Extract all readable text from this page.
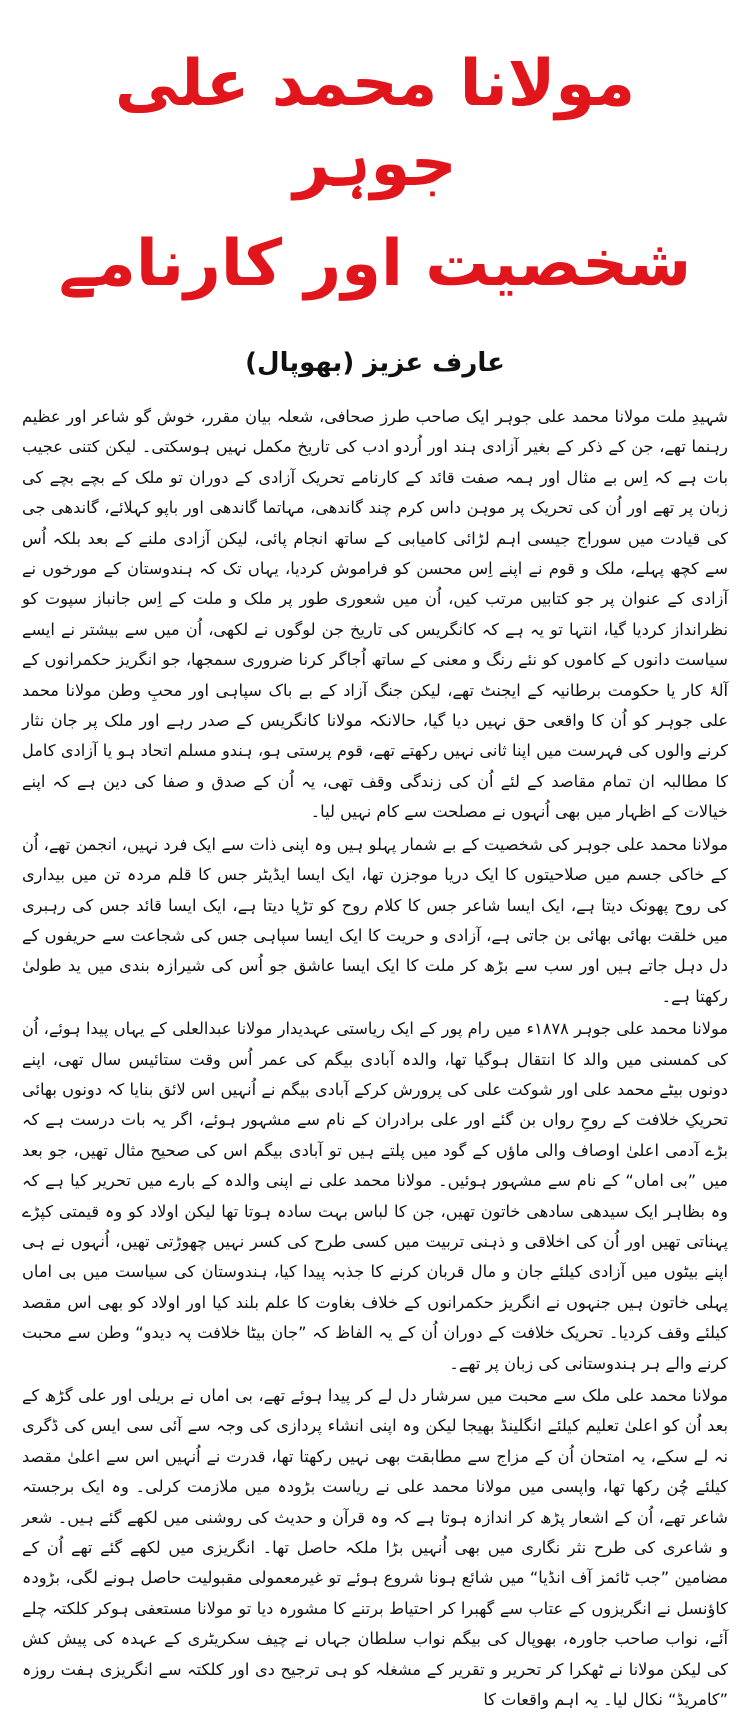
مولانا محمد علی جوہر
شخصیت اور کارنامے
عارف عزیز (بھوپال)

شہیدِ ملت مولانا محمد علی جوہر ایک صاحب طرز صحافی، شعلہ بیان مقرر، خوش گو شاعر اور عظیم رہنما تھے، جن کے ذکر کے بغیر آزادی ہند اور اُردو ادب کی تاریخ مکمل نہیں ہوسکتی۔ لیکن کتنی عجیب بات ہے کہ اِس بے مثال اور ہمہ صفت قائد کے کارنامے تحریک آزادی کے دوران تو ملک کے بچے بچے کی زبان پر تھے اور اُن کی تحریک پر موہن داس کرم چند گاندھی، مہاتما گاندھی اور باپو کہلائے، گاندھی جی کی قیادت میں سوراج جیسی اہم لڑائی کامیابی کے ساتھ انجام پائی، لیکن آزادی ملنے کے بعد بلکہ اُس سے کچھ پہلے، ملک و قوم نے اپنے اِس محسن کو فراموش کردیا، یہاں تک کہ ہندوستان کے مورخوں نے آزادی کے عنوان پر جو کتابیں مرتب کیں، اُن میں شعوری طور پر ملک و ملت کے اِس جانباز سپوت کو نظرانداز کردیا گیا، انتہا تو یہ ہے کہ کانگریس کی تاریخ جن لوگوں نے لکھی، اُن میں سے بیشتر نے ایسے سیاست دانوں کے کاموں کو نئے رنگ و معنی کے ساتھ اُجاگر کرنا ضروری سمجھا، جو انگریز حکمرانوں کے آلۂ کار یا حکومت برطانیہ کے ایجنٹ تھے، لیکن جنگ آزاد کے بے باک سپاہی اور محبِ وطن مولانا محمد علی جوہر کو اُن کا واقعی حق نہیں دیا گیا، حالانکہ مولانا کانگریس کے صدر رہے اور ملک پر جان نثار کرنے والوں کی فہرست میں اپنا ثانی نہیں رکھتے تھے، قوم پرستی ہو، ہندو مسلم اتحاد ہو یا آزادی کامل کا مطالبہ ان تمام مقاصد کے لئے اُن کی زندگی وقف تھی، یہ اُن کے صدق و صفا کی دین ہے کہ اپنے خیالات کے اظہار میں بھی اُنہوں نے مصلحت سے کام نہیں لیا۔

مولانا محمد علی جوہر کی شخصیت کے بے شمار پہلو ہیں وہ اپنی ذات سے ایک فرد نہیں، انجمن تھے، اُن کے خاکی جسم میں صلاحیتوں کا ایک دریا موجزن تھا، ایک ایسا ایڈیٹر جس کا قلم مردہ تن میں بیداری کی روح پھونک دیتا ہے، ایک ایسا شاعر جس کا کلام روح کو تڑپا دیتا ہے، ایک ایسا قائد جس کی رہبری میں خلقت بھائی بھائی بن جاتی ہے، آزادی و حریت کا ایک ایسا سپاہی جس کی شجاعت سے حریفوں کے دل دہل جاتے ہیں اور سب سے بڑھ کر ملت کا ایک ایسا عاشق جو اُس کی شیرازہ بندی میں ید طولیٰ رکھتا ہے۔

مولانا محمد علی جوہر ۱۸۷۸ء میں رام پور کے ایک ریاستی عہدیدار مولانا عبدالعلی کے یہاں پیدا ہوئے، اُن کی کمسنی میں والد کا انتقال ہوگیا تھا، والدہ آبادی بیگم کی عمر اُس وقت ستائیس سال تھی، اپنے دونوں بیٹے محمد علی اور شوکت علی کی پرورش کرکے آبادی بیگم نے اُنہیں اس لائق بنایا کہ دونوں بھائی تحریکِ خلافت کے روحِ رواں بن گئے اور علی برادران کے نام سے مشہور ہوئے، اگر یہ بات درست ہے کہ بڑے آدمی اعلیٰ اوصاف والی ماؤں کے گود میں پلتے ہیں تو آبادی بیگم اس کی صحیح مثال تھیں، جو بعد میں ”بی اماں“ کے نام سے مشہور ہوئیں۔ مولانا محمد علی نے اپنی والدہ کے بارے میں تحریر کیا ہے کہ وہ بظاہر ایک سیدھی سادھی خاتون تھیں، جن کا لباس بہت سادہ ہوتا تھا لیکن اولاد کو وہ قیمتی کپڑے پہناتی تھیں اور اُن کی اخلاقی و ذہنی تربیت میں کسی طرح کی کسر نہیں چھوڑتی تھیں، اُنہوں نے ہی اپنے بیٹوں میں آزادی کیلئے جان و مال قربان کرنے کا جذبہ پیدا کیا، ہندوستان کی سیاست میں بی اماں پہلی خاتون ہیں جنہوں نے انگریز حکمرانوں کے خلاف بغاوت کا علم بلند کیا اور اولاد کو بھی اس مقصد کیلئے وقف کردیا۔ تحریک خلافت کے دوران اُن کے یہ الفاظ کہ ”جان بیٹا خلافت پہ دیدو“ وطن سے محبت کرنے والے ہر ہندوستانی کی زبان پر تھے۔

مولانا محمد علی ملک سے محبت میں سرشار دل لے کر پیدا ہوئے تھے، بی اماں نے بریلی اور علی گڑھ کے بعد اُن کو اعلیٰ تعلیم کیلئے انگلینڈ بھیجا لیکن وہ اپنی انشاء پردازی کی وجہ سے آئی سی ایس کی ڈگری نہ لے سکے، یہ امتحان اُن کے مزاج سے مطابقت بھی نہیں رکھتا تھا، قدرت نے اُنہیں اس سے اعلیٰ مقصد کیلئے چُن رکھا تھا، واپسی میں مولانا محمد علی نے ریاست بڑودہ میں ملازمت کرلی۔ وہ ایک برجستہ شاعر تھے، اُن کے اشعار پڑھ کر اندازہ ہوتا ہے کہ وہ قرآن و حدیث کی روشنی میں لکھے گئے ہیں۔ شعر و شاعری کی طرح نثر نگاری میں بھی اُنہیں بڑا ملکہ حاصل تھا۔ انگریزی میں لکھے گئے تھے اُن کے مضامین ”جب ٹائمز آف انڈیا“ میں شائع ہونا شروع ہوئے تو غیرمعمولی مقبولیت حاصل ہونے لگی، بڑودہ کاؤنسل نے انگریزوں کے عتاب سے گھبرا کر احتیاط برتنے کا مشورہ دیا تو مولانا مستعفی ہوکر کلکتہ چلے آئے، نواب صاحب جاورہ، بھوپال کی بیگم نواب سلطان جہاں نے چیف سکریٹری کے عہدہ کی پیش کش کی لیکن مولانا نے ٹھکرا کر تحریر و تقریر کے مشغلہ کو ہی ترجیح دی اور کلکتہ سے انگریزی ہفت روزہ ”کامریڈ“ نکال لیا۔ یہ اہم واقعات کا
